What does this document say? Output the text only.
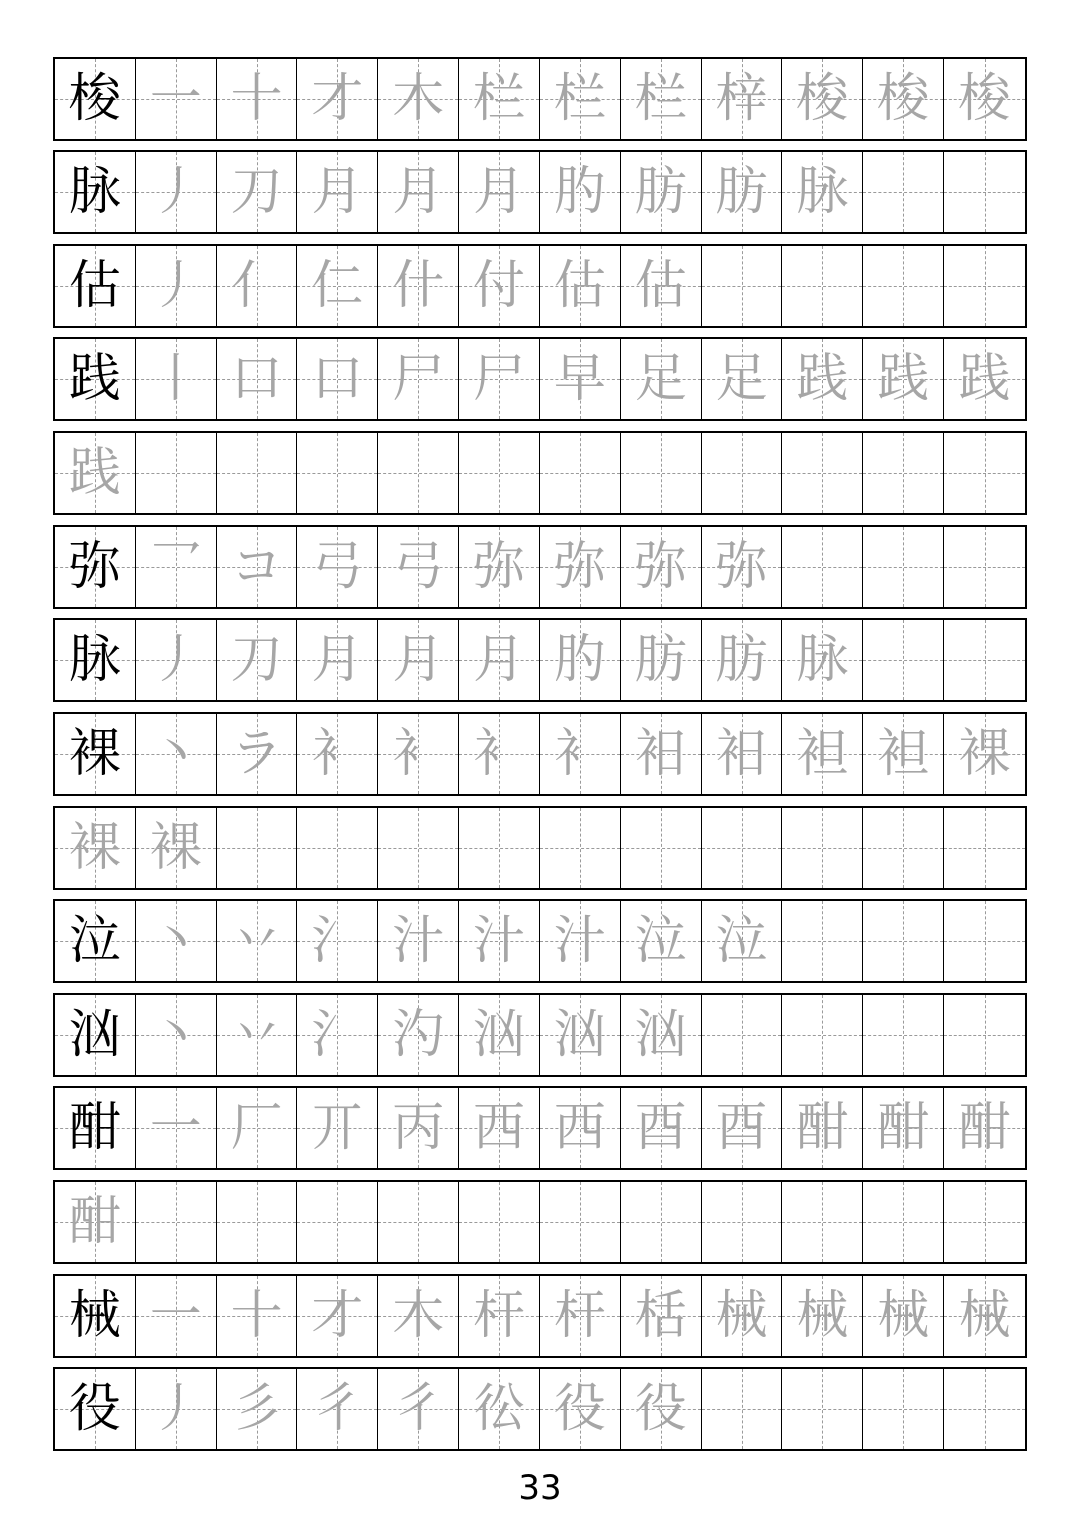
梭 一 十 才 木 栏 栏 栏 梓 梭 梭 梭
脉 丿 刀 月 月 月 肑 肪 肪 脉
估 丿 亻 仁 什 付 估 估
践 丨 口 口 尸 尸 早 足 足 践 践 践
践
弥 乛 コ 弓 弓 弥 弥 弥 弥
脉 丿 刀 月 月 月 肑 肪 肪 脉
裸 丶 ラ 衤 衤 衤 衤 衵 衵 袒 袒 裸
裸 裸
泣 丶 丷 氵 汁 汁 汁 泣 泣
汹 丶 丷 氵 汋 汹 汹 汹
酣 一 厂 丌 丙 西 西 酉 酉 酣 酣 酣
酣
械 一 十 才 木 杆 杆 栝 械 械 械 械
役 丿 彡 彳 彳 彸 役 役
33
